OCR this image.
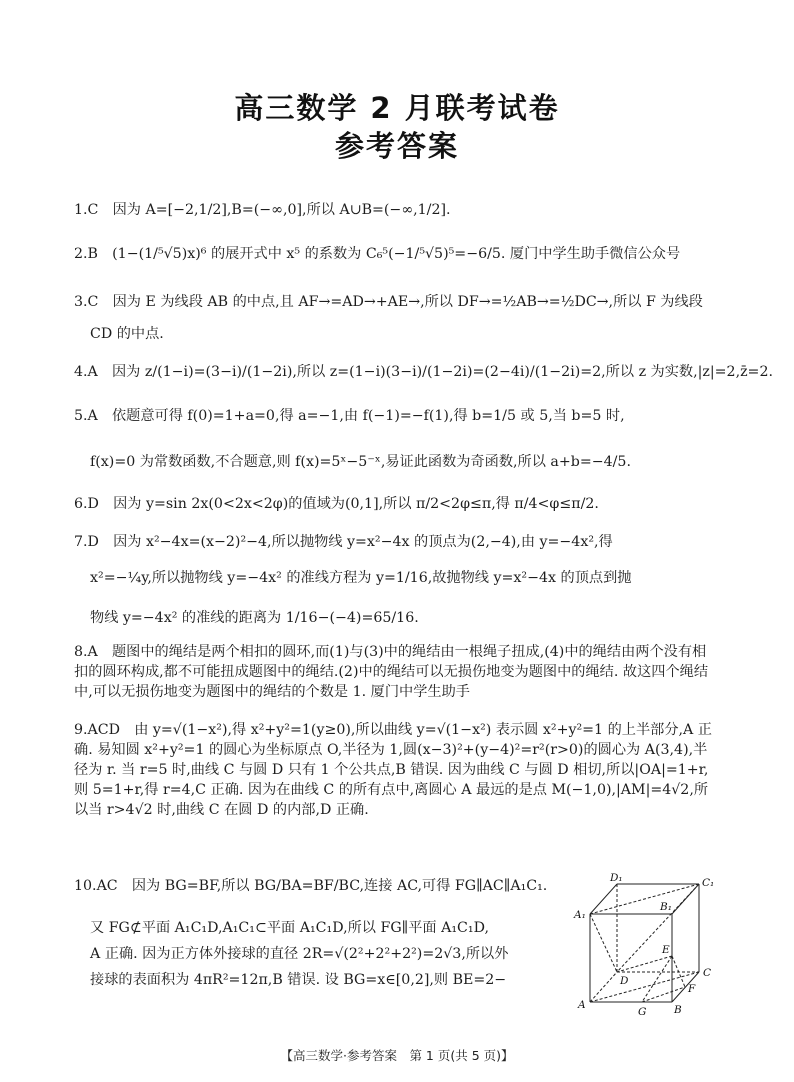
高三数学 2 月联考试卷
参考答案
1.C　因为 A=[−2,1/2],B=(−∞,0],所以 A∪B=(−∞,1/2].
2.B　(1−(1/⁵√5)x)⁶ 的展开式中 x⁵ 的系数为 C₆⁵(−1/⁵√5)⁵=−6/5. 厦门中学生助手微信公众号
3.C　因为 E 为线段 AB 的中点,且 AF→=AD→+AE→,所以 DF→=½AB→=½DC→,所以 F 为线段
CD 的中点.
4.A　因为 z/(1−i)=(3−i)/(1−2i),所以 z=(1−i)(3−i)/(1−2i)=(2−4i)/(1−2i)=2,所以 z 为实数,|z|=2,z̄=2.
5.A　依题意可得 f(0)=1+a=0,得 a=−1,由 f(−1)=−f(1),得 b=1/5 或 5,当 b=5 时,
f(x)=0 为常数函数,不合题意,则 f(x)=5ˣ−5⁻ˣ,易证此函数为奇函数,所以 a+b=−4/5.
6.D　因为 y=sin 2x(0<2x<2φ)的值域为(0,1],所以 π/2<2φ≤π,得 π/4<φ≤π/2.
7.D　因为 x²−4x=(x−2)²−4,所以抛物线 y=x²−4x 的顶点为(2,−4),由 y=−4x²,得
x²=−¼y,所以抛物线 y=−4x² 的准线方程为 y=1/16,故抛物线 y=x²−4x 的顶点到抛
物线 y=−4x² 的准线的距离为 1/16−(−4)=65/16.
8.A　题图中的绳结是两个相扣的圆环,而(1)与(3)中的绳结由一根绳子扭成,(4)中的绳结由两个没有相扣的圆环构成,都不可能扭成题图中的绳结.(2)中的绳结可以无损伤地变为题图中的绳结. 故这四个绳结中,可以无损伤地变为题图中的绳结的个数是 1. 厦门中学生助手
9.ACD　由 y=√(1−x²),得 x²+y²=1(y≥0),所以曲线 y=√(1−x²) 表示圆 x²+y²=1 的上半部分,A 正确. 易知圆 x²+y²=1 的圆心为坐标原点 O,半径为 1,圆(x−3)²+(y−4)²=r²(r>0)的圆心为 A(3,4),半径为 r. 当 r=5 时,曲线 C 与圆 D 只有 1 个公共点,B 错误. 因为曲线 C 与圆 D 相切,所以|OA|=1+r,则 5=1+r,得 r=4,C 正确. 因为在曲线 C 的所有点中,离圆心 A 最远的是点 M(−1,0),|AM|=4√2,所以当 r>4√2 时,曲线 C 在圆 D 的内部,D 正确.
10.AC　因为 BG=BF,所以 BG/BA=BF/BC,连接 AC,可得 FG∥AC∥A₁C₁.
又 FG⊄平面 A₁C₁D,A₁C₁⊂平面 A₁C₁D,所以 FG∥平面 A₁C₁D,
A 正确. 因为正方体外接球的直径 2R=√(2²+2²+2²)=2√3,所以外
接球的表面积为 4πR²=12π,B 错误. 设 BG=x∈[0,2],则 BE=2−
D₁	C₁
A₁
B₁
E
D
C
F
A
G	B
【高三数学·参考答案　第 1 页(共 5 页)】
